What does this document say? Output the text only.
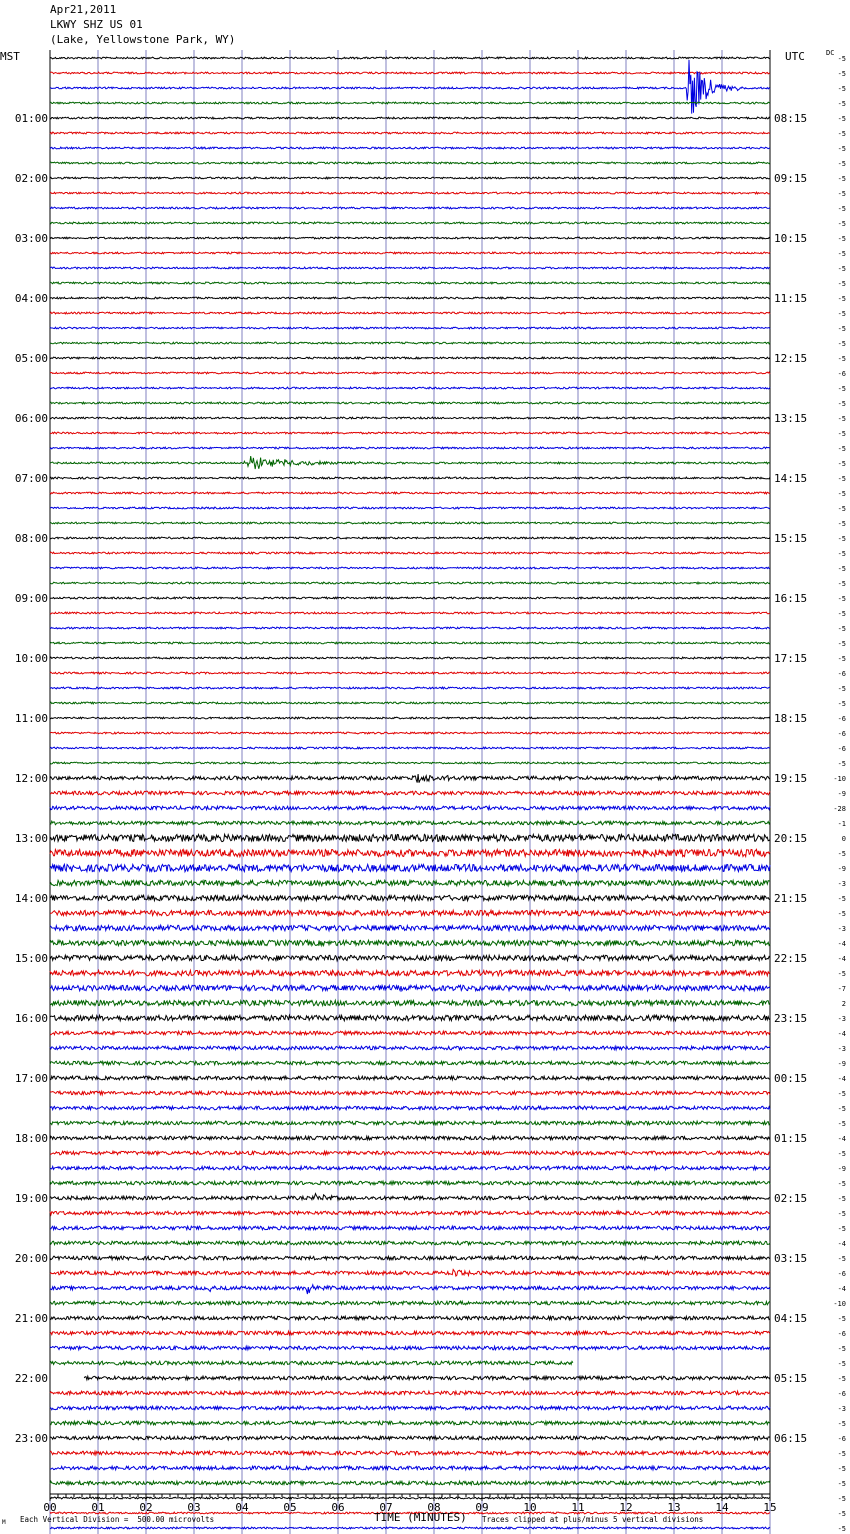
00	01	02	03	04	05	06	07	08	09	10	11	12	13	14	15
-5
-5
-5
-5
-5
01:00	08:15
-5
-5
-5
-5
02:00	09:15
-5
-5
-5
-5
03:00	10:15
-5
-5
-5
-5
04:00	11:15
-5
-5
-5
-5
05:00	12:15
-6
-5
-5
-5
06:00	13:15
-5
-5
-5
-5
07:00	14:15
-5
-5
-5
-5
08:00	15:15
-5
-5
-5
-5
09:00	16:15
-5
-5
-5
-5
10:00	17:15
-6
-5
-5
-6
11:00	18:15
-6
-6
-5
-10
12:00	19:15
-9
-28
-1
0
13:00	20:15
-5
-9
-3
-5
14:00	21:15
-5
-3
-4
-4
15:00	22:15
-5
-7
2
-3
16:00	23:15
-4
-3
-9
-4
17:00	00:15
-5
-5
-5
-4
18:00	01:15
-5
-9
-5
-5
19:00	02:15
-5
-5
-4
-5
20:00	03:15
-6
-4
-10
-5
21:00	04:15
-6
-5
-5
-5
22:00	05:15
-6
-3
-5
-6
23:00	06:15
-5
-5
-5
-5
-5
-5
Apr21,2011
LKWY SHZ US 01
(Lake, Yellowstone Park, WY)
MST	UTC	DC
M Each Vertical Division =  500.00 microvolts	TIME (MINUTES) Traces clipped at plus/minus 5 vertical divisions
